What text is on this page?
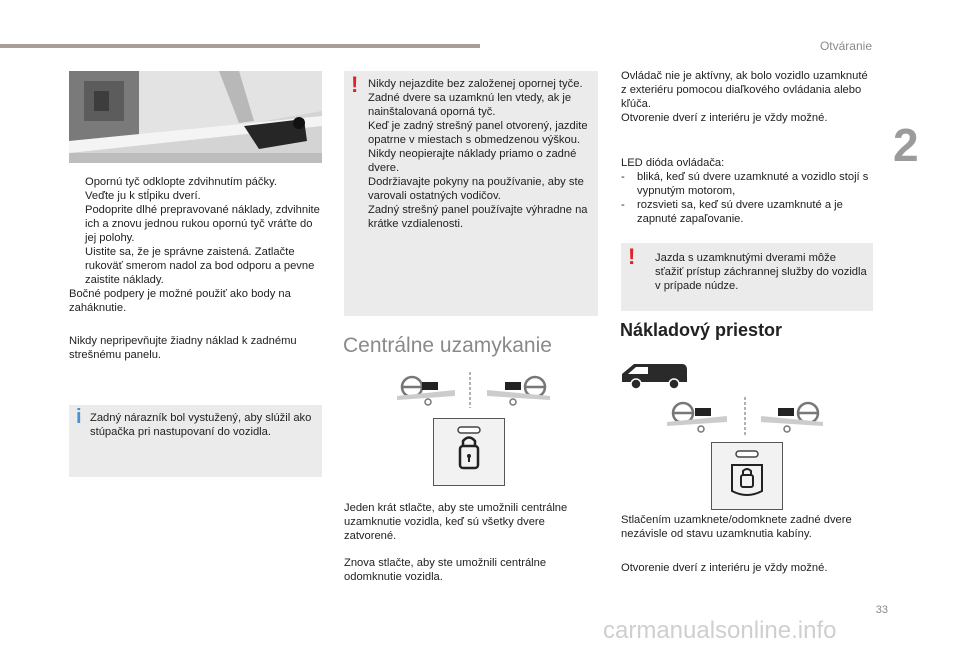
Otváranie
2
Opornú tyč odklopte zdvihnutím páčky.
Veďte ju k stĺpiku dverí.
Podoprite dlhé prepravované náklady, zdvihnite ich a znovu jednou rukou opornú tyč vráťte do jej polohy.
Uistite sa, že je správne zaistená. Zatlačte rukoväť smerom nadol za bod odporu a pevne zaistite náklady.

Bočné podpery je možné použiť ako body na zaháknutie.

Nikdy nepripevňujte žiadny náklad k zadnému strešnému panelu.
i Zadný nárazník bol vystužený, aby slúžil ako stúpačka pri nastupovaní do vozidla.
! Nikdy nejazdite bez založenej opornej tyče.
Zadné dvere sa uzamknú len vtedy, ak je nainštalovaná oporná tyč.
Keď je zadný strešný panel otvorený, jazdite opatrne v miestach s obmedzenou výškou.
Nikdy neopierajte náklady priamo o zadné dvere.
Dodržiavajte pokyny na používanie, aby ste varovali ostatných vodičov.
Zadný strešný panel používajte výhradne na krátke vzdialenosti.
Centrálne uzamykanie
Jeden krát stlačte, aby ste umožnili centrálne uzamknutie vozidla, keď sú všetky dvere zatvorené.
Znova stlačte, aby ste umožnili centrálne odomknutie vozidla.
Ovládač nie je aktívny, ak bolo vozidlo uzamknuté z exteriéru pomocou diaľkového ovládania alebo kľúča.
Otvorenie dverí z interiéru je vždy možné.

LED dióda ovládača:

- bliká, keď sú dvere uzamknuté a vozidlo stojí s vypnutým motorom,
- rozsvieti sa, keď sú dvere uzamknuté a je zapnuté zapaľovanie.
! Jazda s uzamknutými dverami môže sťažiť prístup záchrannej služby do vozidla v prípade núdze.
Nákladový priestor
Stlačením uzamknete/odomknete zadné dvere nezávisle od stavu uzamknutia kabíny.
Otvorenie dverí z interiéru je vždy možné.
33
carmanualsonline.info
